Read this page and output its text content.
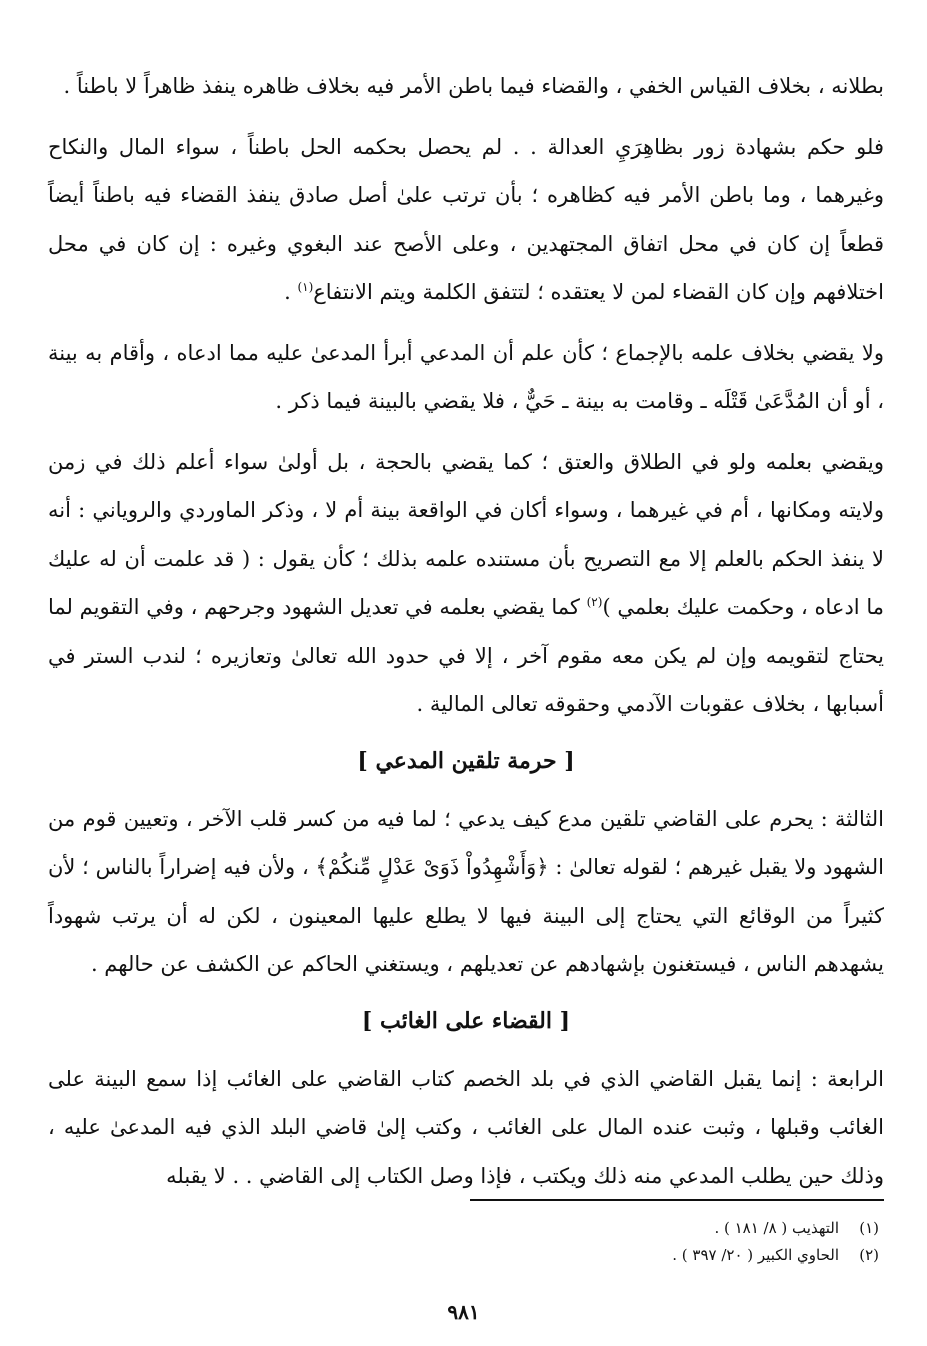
بطلانه ، بخلاف القياس الخفي ، والقضاء فيما باطن الأمر فيه بخلاف ظاهره ينفذ ظاهراً لا باطناً .

فلو حكم بشهادة زور بظاهِرَيِ العدالة . . لم يحصل بحكمه الحل باطناً ، سواء المال والنكاح وغيرهما ، وما باطن الأمر فيه كظاهره ؛ بأن ترتب علىٰ أصل صادق ينفذ القضاء فيه باطناً أيضاً قطعاً إن كان في محل اتفاق المجتهدين ، وعلى الأصح عند البغوي وغيره : إن كان في محل اختلافهم وإن كان القضاء لمن لا يعتقده ؛ لتتفق الكلمة ويتم الانتفاع$^{(١)}$ .

ولا يقضي بخلاف علمه بالإجماع ؛ كأن علم أن المدعي أبرأ المدعىٰ عليه مما ادعاه ، وأقام به بينة ، أو أن المُدَّعَىٰ قَتْلَه ـ وقامت به بينة ـ حَيٌّ ، فلا يقضي بالبينة فيما ذكر .

ويقضي بعلمه ولو في الطلاق والعتق ؛ كما يقضي بالحجة ، بل أولىٰ سواء أعلم ذلك في زمن ولايته ومكانها ، أم في غيرهما ، وسواء أكان في الواقعة بينة أم لا ، وذكر الماوردي والروياني : أنه لا ينفذ الحكم بالعلم إلا مع التصريح بأن مستنده علمه بذلك ؛ كأن يقول : ( قد علمت أن له عليك ما ادعاه ، وحكمت عليك بعلمي )$^{(٢)}$ كما يقضي بعلمه في تعديل الشهود وجرحهم ، وفي التقويم لما يحتاج لتقويمه وإن لم يكن معه مقوم آخر ، إلا في حدود الله تعالىٰ وتعازيره ؛ لندب الستر في أسبابها ، بخلاف عقوبات الآدمي وحقوقه تعالى المالية .

[ حرمة تلقين المدعي ]

الثالثة : يحرم على القاضي تلقين مدع كيف يدعي ؛ لما فيه من كسر قلب الآخر ، وتعيين قوم من الشهود ولا يقبل غيرهم ؛ لقوله تعالىٰ : ﴿وَأَشْهِدُواْ ذَوَىْ عَدْلٍ مِّنكُمْ﴾ ، ولأن فيه إضراراً بالناس ؛ لأن كثيراً من الوقائع التي يحتاج إلى البينة فيها لا يطلع عليها المعينون ، لكن له أن يرتب شهوداً يشهدهم الناس ، فيستغنون بإشهادهم عن تعديلهم ، ويستغني الحاكم عن الكشف عن حالهم .

[ القضاء على الغائب ]

الرابعة : إنما يقبل القاضي الذي في بلد الخصم كتاب القاضي على الغائب إذا سمع البينة على الغائب وقبلها ، وثبت عنده المال على الغائب ، وكتب إلىٰ قاضي البلد الذي فيه المدعىٰ عليه ، وذلك حين يطلب المدعي منه ذلك ويكتب ، فإذا وصل الكتاب إلى القاضي . . لا يقبله

(١)
التهذيب ( ٨/ ١٨١ ) .
(٢)
الحاوي الكبير ( ٢٠/ ٣٩٧ ) .
٩٨١
